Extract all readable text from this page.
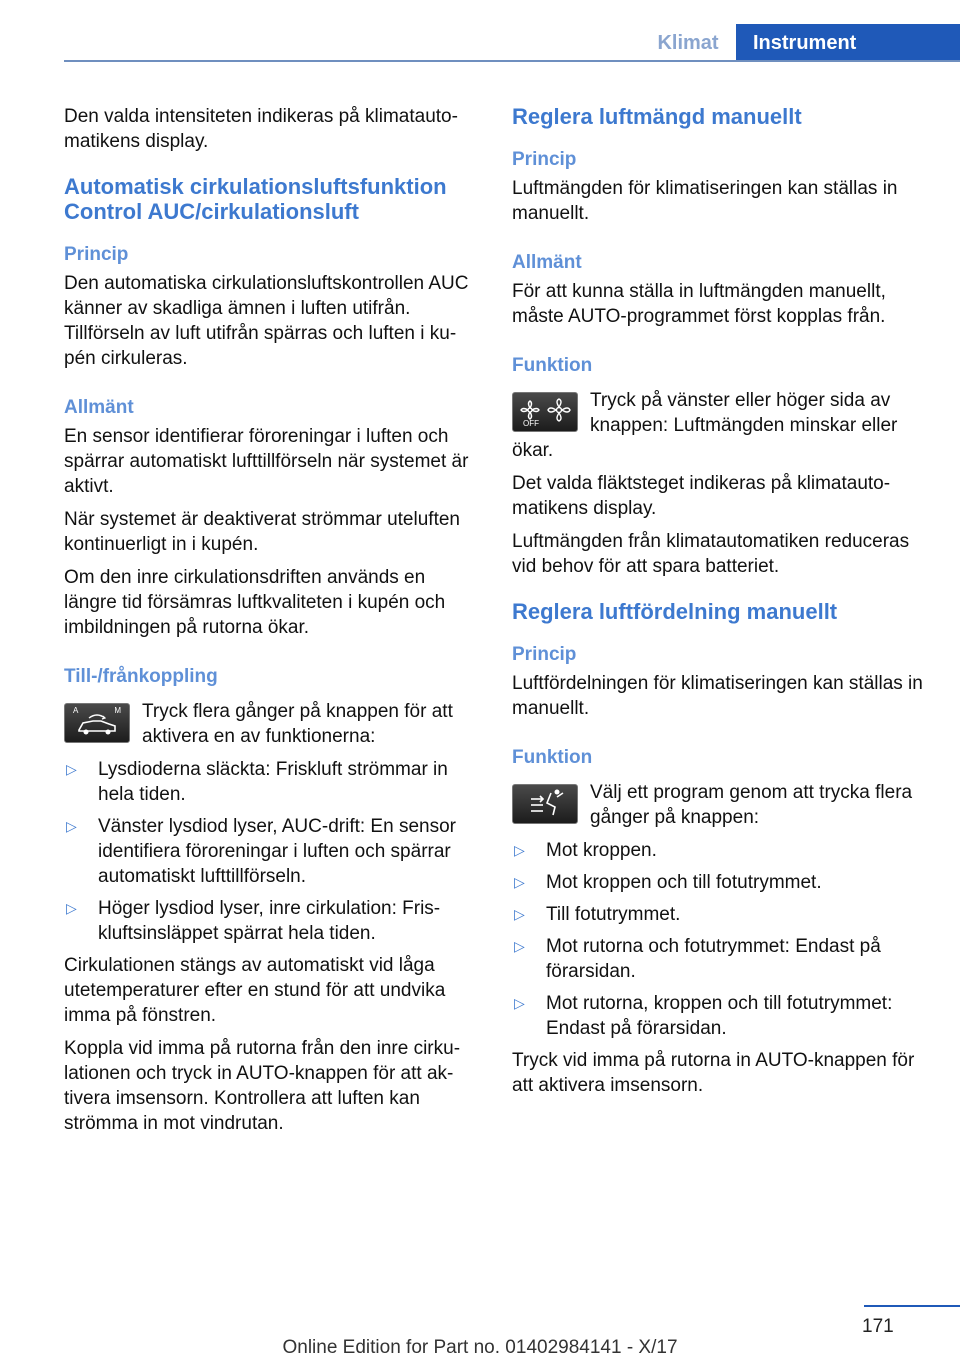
Klimat	Instrument

Den valda intensiteten indikeras på klimatautomatikens display.

Automatisk cirkulationsluftsfunktion Control AUC/cirkulationsluft
Princip

Den automatiska cirkulationsluftskontrollen AUC känner av skadliga ämnen i luften utifrån. Tillförseln av luft utifrån spärras och luften i kupén cirkuleras.

Allmänt

En sensor identifierar föroreningar i luften och spärrar automatiskt lufttillförseln när systemet är aktivt.

När systemet är deaktiverat strömmar uteluften kontinuerligt in i kupén.

Om den inre cirkulationsdriften används en längre tid försämras luftkvaliteten i kupén och imbildningen på rutorna ökar.

Till-/frånkoppling
A	M	Tryck flera gånger på knappen för att aktivera en av funktionerna:

▷ Lysdioderna släckta: Friskluft strömmar in hela tiden.
▷ Vänster lysdiod lyser, AUC-drift: En sensor identifiera föroreningar i luften och spärrar automatiskt lufttillförseln.
▷ Höger lysdiod lyser, inre cirkulation: Friskluftsinsläppet spärrat hela tiden.

Cirkulationen stängs av automatiskt vid låga utetemperaturer efter en stund för att undvika imma på fönstren.

Koppla vid imma på rutorna från den inre cirkulationen och tryck in AUTO-knappen för att aktivera imsensorn. Kontrollera att luften kan strömma in mot vindrutan.

Reglera luftmängd manuellt
Princip

Luftmängden för klimatiseringen kan ställas in manuellt.

Allmänt

För att kunna ställa in luftmängden manuellt, måste AUTO-programmet först kopplas från.

Funktion
OFF

Tryck på vänster eller höger sida av knappen: Luftmängden minskar eller ökar.

Det valda fläktsteget indikeras på klimatautomatikens display.

Luftmängden från klimatautomatiken reduceras vid behov för att spara batteriet.

Reglera luftfördelning manuellt
Princip

Luftfördelningen för klimatiseringen kan ställas in manuellt.

Funktion

Välj ett program genom att trycka flera gånger på knappen:

▷ Mot kroppen.
▷ Mot kroppen och till fotutrymmet.
▷ Till fotutrymmet.
▷ Mot rutorna och fotutrymmet: Endast på förarsidan.
▷ Mot rutorna, kroppen och till fotutrymmet: Endast på förarsidan.

Tryck vid imma på rutorna in AUTO-knappen för att aktivera imsensorn.

171
Online Edition for Part no. 01402984141 - X/17
